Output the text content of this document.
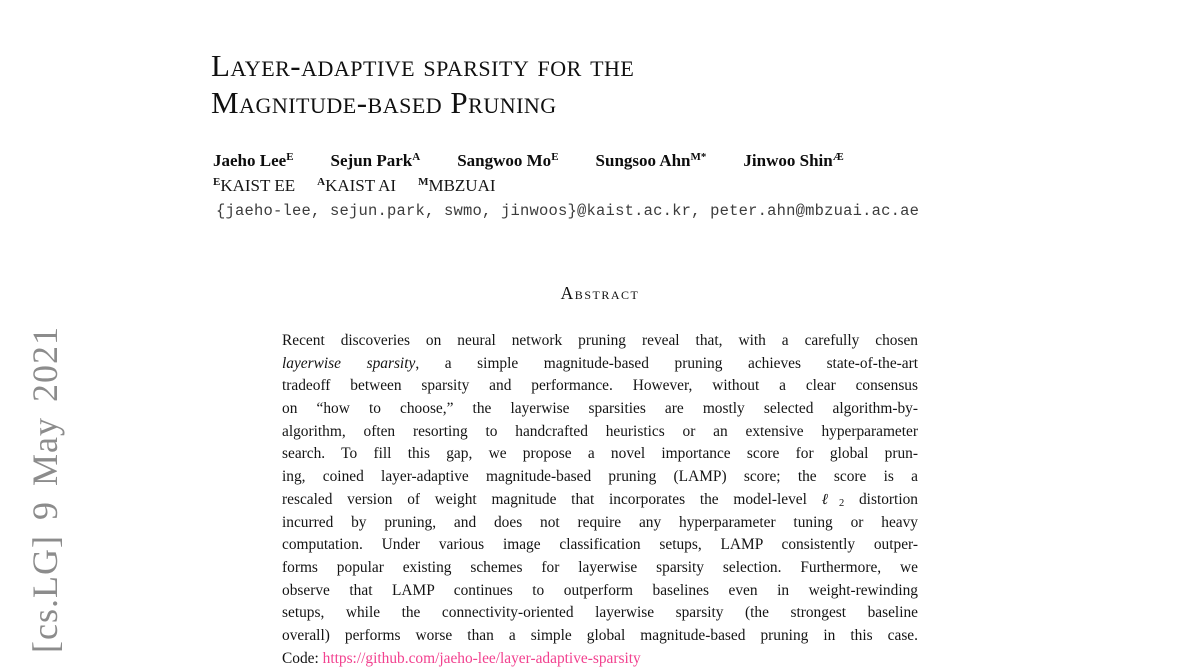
[cs.LG] 9 May 2021
Layer-adaptive sparsity for the
Magnitude-based Pruning
Jaeho Lee$^E$ Sejun Park$^A$ Sangwoo $Mo^E$ Sungsoo Ahn$^{M*}$ Jinwoo Shin$^Æ$
$^E$KAIST EE $^A$KAIST AI $^M$MBZUAI
{jaeho-lee, sejun.park, swmo, jinwoos}@kaist.ac.kr, peter.ahn@mbzuai.ac.ae
Abstract
Recent discoveries on neural network pruning reveal that, with a carefully chosen
layerwise sparsity, a simple magnitude-based pruning achieves state-of-the-art
tradeoff between sparsity and performance. However, without a clear consensus
on “how to choose,” the layerwise sparsities are mostly selected algorithm-by-
algorithm, often resorting to handcrafted heuristics or an extensive hyperparameter
search. To fill this gap, we propose a novel importance score for global prun-
ing, coined layer-adaptive magnitude-based pruning (LAMP) score; the score is a
rescaled version of weight magnitude that incorporates the model-level ℓ2 distortion
incurred by pruning, and does not require any hyperparameter tuning or heavy
computation. Under various image classification setups, LAMP consistently outper-
forms popular existing schemes for layerwise sparsity selection. Furthermore, we
observe that LAMP continues to outperform baselines even in weight-rewinding
setups, while the connectivity-oriented layerwise sparsity (the strongest baseline
overall) performs worse than a simple global magnitude-based pruning in this case.
Code: https://github.com/jaeho-lee/layer-adaptive-sparsity
